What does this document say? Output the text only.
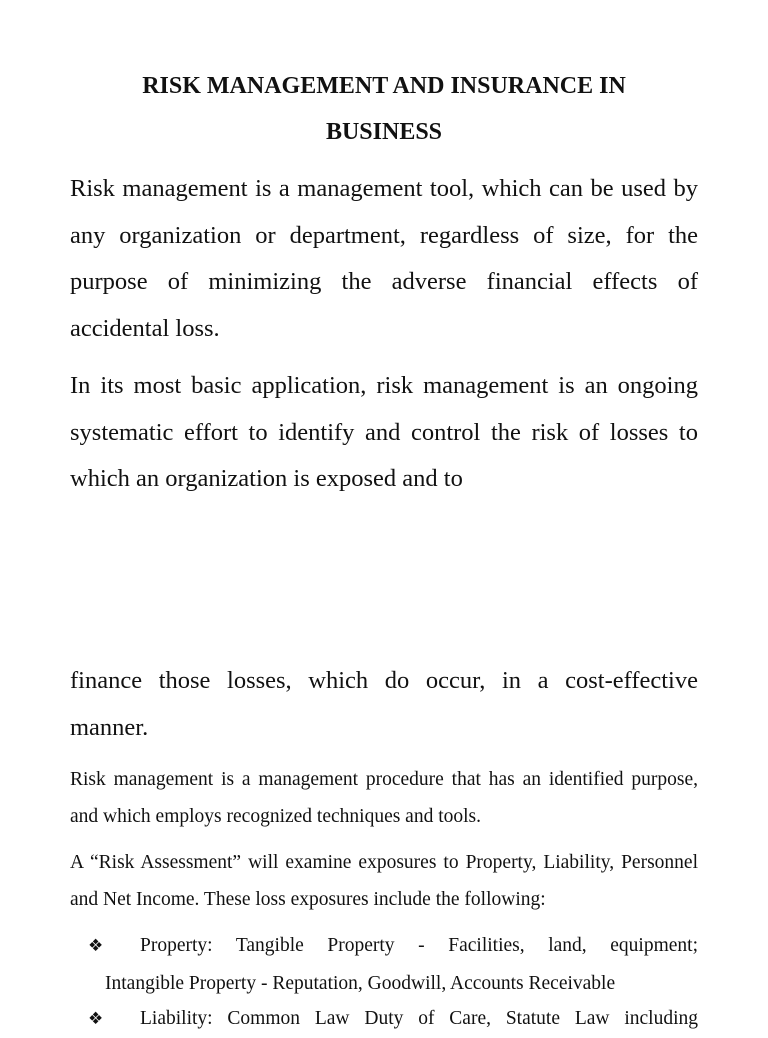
RISK MANAGEMENT AND INSURANCE IN
BUSINESS

Risk management is a management tool, which can be used by any organization or department, regardless of size, for the purpose of minimizing the adverse financial effects of accidental loss.

In its most basic application, risk management is an ongoing systematic effort to identify and control the risk of losses to which an organization is exposed and to

finance those losses, which do occur, in a cost-effective manner.

Risk management is a management procedure that has an identified purpose, and which employs recognized techniques and tools.

A “Risk Assessment” will examine exposures to Property, Liability, Personnel and Net Income. These loss exposures include the following:

❖ Property: Tangible Property - Facilities, land, equipment;
Intangible Property - Reputation, Goodwill, Accounts Receivable
❖ Liability: Common Law Duty of Care, Statute Law including
